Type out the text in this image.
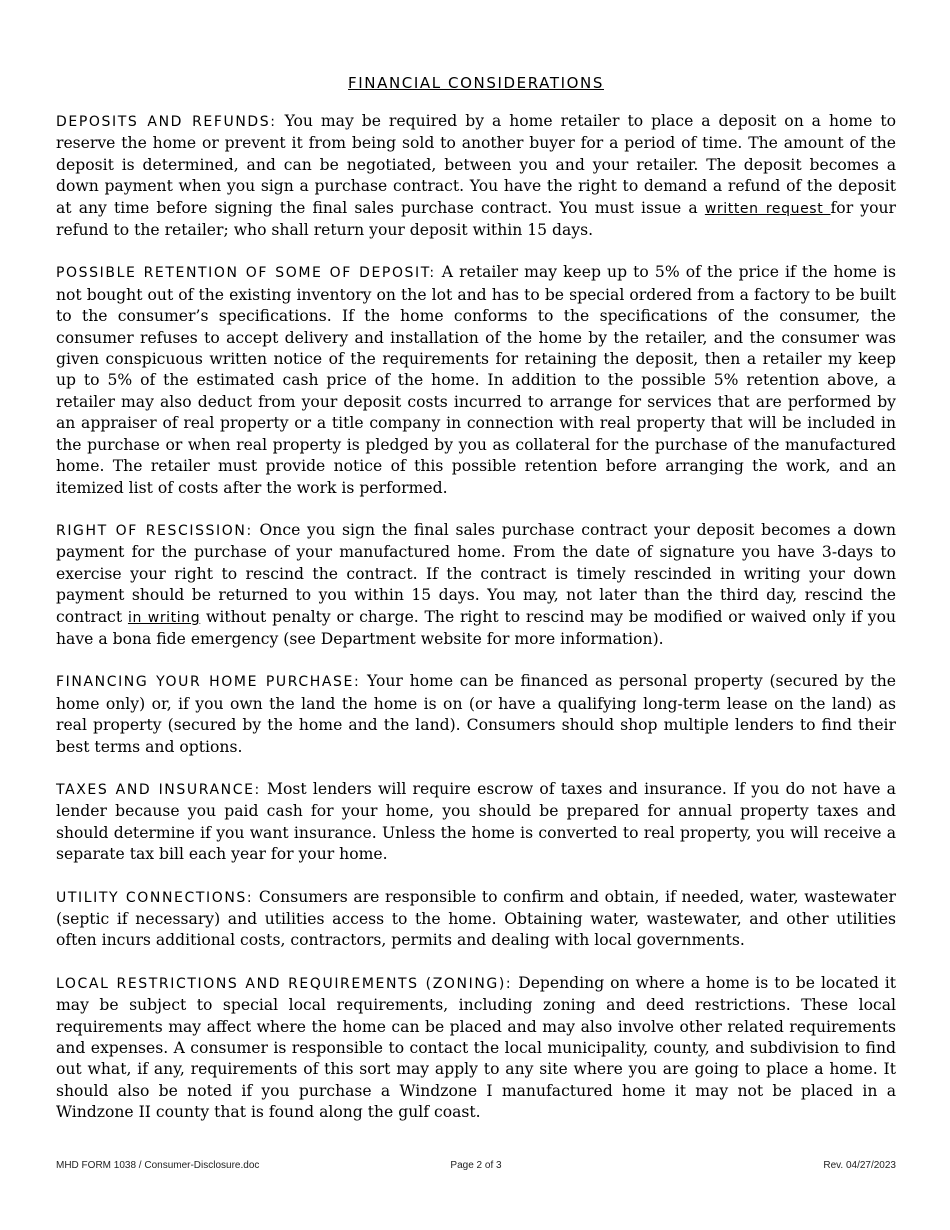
FINANCIAL CONSIDERATIONS

DEPOSITS AND REFUNDS: You may be required by a home retailer to place a deposit on a home to reserve the home or prevent it from being sold to another buyer for a period of time. The amount of the deposit is determined, and can be negotiated, between you and your retailer. The deposit becomes a down payment when you sign a purchase contract. You have the right to demand a refund of the deposit at any time before signing the final sales purchase contract. You must issue a written request for your refund to the retailer; who shall return your deposit within 15 days.

POSSIBLE RETENTION OF SOME OF DEPOSIT: A retailer may keep up to 5% of the price if the home is not bought out of the existing inventory on the lot and has to be special ordered from a factory to be built to the consumer’s specifications. If the home conforms to the specifications of the consumer, the consumer refuses to accept delivery and installation of the home by the retailer, and the consumer was given conspicuous written notice of the requirements for retaining the deposit, then a retailer my keep up to 5% of the estimated cash price of the home. In addition to the possible 5% retention above, a retailer may also deduct from your deposit costs incurred to arrange for services that are performed by an appraiser of real property or a title company in connection with real property that will be included in the purchase or when real property is pledged by you as collateral for the purchase of the manufactured home. The retailer must provide notice of this possible retention before arranging the work, and an itemized list of costs after the work is performed.

RIGHT OF RESCISSION: Once you sign the final sales purchase contract your deposit becomes a down payment for the purchase of your manufactured home. From the date of signature you have 3-days to exercise your right to rescind the contract. If the contract is timely rescinded in writing your down payment should be returned to you within 15 days. You may, not later than the third day, rescind the contract in writing without penalty or charge. The right to rescind may be modified or waived only if you have a bona fide emergency (see Department website for more information).

FINANCING YOUR HOME PURCHASE: Your home can be financed as personal property (secured by the home only) or, if you own the land the home is on (or have a qualifying long-term lease on the land) as real property (secured by the home and the land). Consumers should shop multiple lenders to find their best terms and options.

TAXES AND INSURANCE: Most lenders will require escrow of taxes and insurance. If you do not have a lender because you paid cash for your home, you should be prepared for annual property taxes and should determine if you want insurance. Unless the home is converted to real property, you will receive a separate tax bill each year for your home.

UTILITY CONNECTIONS: Consumers are responsible to confirm and obtain, if needed, water, wastewater (septic if necessary) and utilities access to the home. Obtaining water, wastewater, and other utilities often incurs additional costs, contractors, permits and dealing with local governments.

LOCAL RESTRICTIONS AND REQUIREMENTS (ZONING): Depending on where a home is to be located it may be subject to special local requirements, including zoning and deed restrictions. These local requirements may affect where the home can be placed and may also involve other related requirements and expenses. A consumer is responsible to contact the local municipality, county, and subdivision to find out what, if any, requirements of this sort may apply to any site where you are going to place a home. It should also be noted if you purchase a Windzone I manufactured home it may not be placed in a Windzone II county that is found along the gulf coast.

MHD FORM 1038 / Consumer-Disclosure.doc	Page 2 of 3	Rev. 04/27/2023
